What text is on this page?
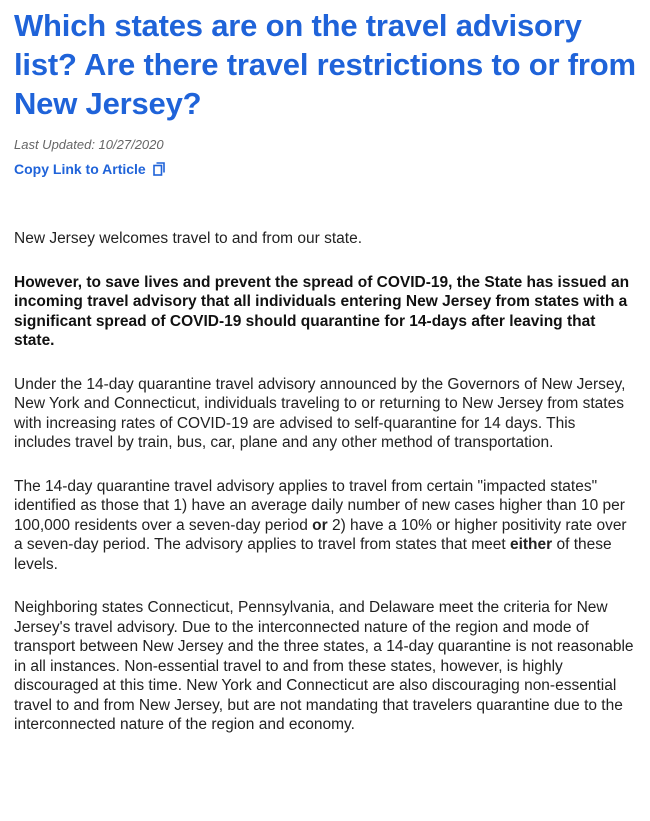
Which states are on the travel advisory list? Are there travel restrictions to or from New Jersey?
Last Updated: 10/27/2020
Copy Link to Article

New Jersey welcomes travel to and from our state.

However, to save lives and prevent the spread of COVID-19, the State has issued an incoming travel advisory that all individuals entering New Jersey from states with a significant spread of COVID-19 should quarantine for 14-days after leaving that state.

Under the 14-day quarantine travel advisory announced by the Governors of New Jersey, New York and Connecticut, individuals traveling to or returning to New Jersey from states with increasing rates of COVID-19 are advised to self-quarantine for 14 days. This includes travel by train, bus, car, plane and any other method of transportation.

The 14-day quarantine travel advisory applies to travel from certain "impacted states" identified as those that 1) have an average daily number of new cases higher than 10 per 100,000 residents over a seven-day period or 2) have a 10% or higher positivity rate over a seven-day period. The advisory applies to travel from states that meet either of these levels.

Neighboring states Connecticut, Pennsylvania, and Delaware meet the criteria for New Jersey's travel advisory. Due to the interconnected nature of the region and mode of transport between New Jersey and the three states, a 14-day quarantine is not reasonable in all instances. Non-essential travel to and from these states, however, is highly discouraged at this time. New York and Connecticut are also discouraging non-essential travel to and from New Jersey, but are not mandating that travelers quarantine due to the interconnected nature of the region and economy.
